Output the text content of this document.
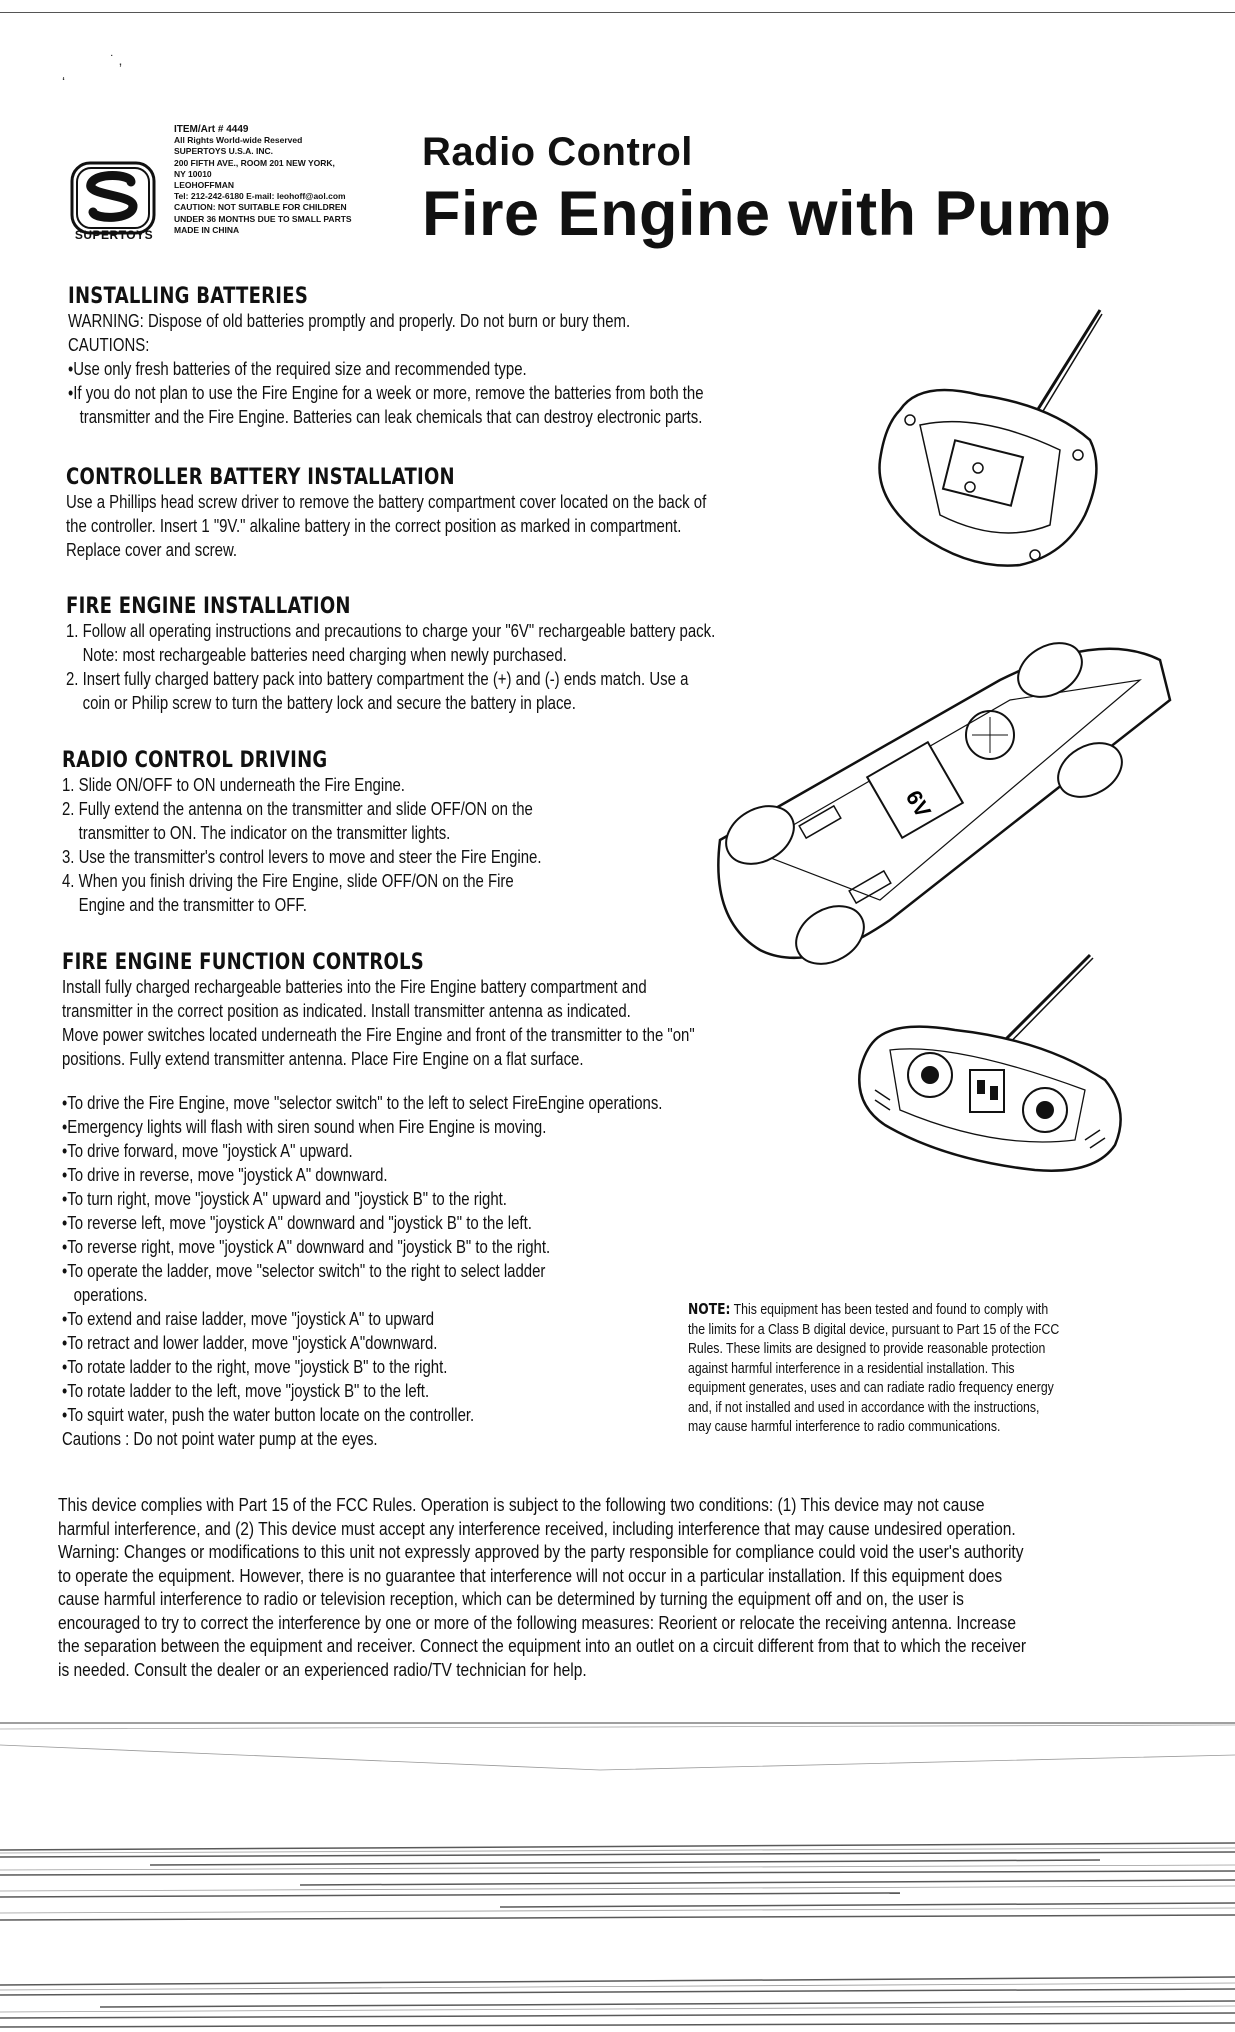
˙ ,
ʻ
SUPERTOYS
ITEM/Art # 4449
All Rights World-wide Reserved
SUPERTOYS U.S.A. INC.
200 FIFTH AVE., ROOM 201 NEW YORK,
NY 10010
LEOHOFFMAN
Tel: 212-242-6180 E-mail: leohoff@aol.com
CAUTION: NOT SUITABLE FOR CHILDREN
UNDER 36 MONTHS DUE TO SMALL PARTS
MADE IN CHINA
Radio Control
Fire Engine with Pump
INSTALLING BATTERIES

WARNING: Dispose of old batteries promptly and properly. Do not burn or bury them.

CAUTIONS:

• Use only fresh batteries of the required size and recommended type.
• If you do not plan to use the Fire Engine for a week or more, remove the batteries from both the

transmitter and the Fire Engine. Batteries can leak chemicals that can destroy electronic parts.

CONTROLLER BATTERY INSTALLATION

Use a Phillips head screw driver to remove the battery compartment cover located on the back of

the controller. Insert 1 "9V." alkaline battery in the correct position as marked in compartment.

Replace cover and screw.

FIRE ENGINE INSTALLATION

1. Follow all operating instructions and precautions to charge your "6V" rechargeable battery pack.

Note: most rechargeable batteries need charging when newly purchased.

2. Insert fully charged battery pack into battery compartment the (+) and (-) ends match. Use a

coin or Philip screw to turn the battery lock and secure the battery in place.

RADIO CONTROL DRIVING

1. Slide ON/OFF to ON underneath the Fire Engine.

2. Fully extend the antenna on the transmitter and slide OFF/ON on the

transmitter to ON. The indicator on the transmitter lights.

3. Use the transmitter's control levers to move and steer the Fire Engine.

4. When you finish driving the Fire Engine, slide OFF/ON on the Fire

Engine and the transmitter to OFF.

FIRE ENGINE FUNCTION CONTROLS

Install fully charged rechargeable batteries into the Fire Engine battery compartment and

transmitter in the correct position as indicated. Install transmitter antenna as indicated.

Move power switches located underneath the Fire Engine and front of the transmitter to the "on"

positions. Fully extend transmitter antenna. Place Fire Engine on a flat surface.

• To drive the Fire Engine, move "selector switch" to the left to select FireEngine operations.
• Emergency lights will flash with siren sound when Fire Engine is moving.
• To drive forward, move "joystick A" upward.
• To drive in reverse, move "joystick A" downward.
• To turn right, move "joystick A" upward and "joystick B" to the right.
• To reverse left, move "joystick A" downward and "joystick B" to the left.
• To reverse right, move "joystick A" downward and "joystick B" to the right.
• To operate the ladder, move "selector switch" to the right to select ladder

operations.

• To extend and raise ladder, move "joystick A" to upward
• To retract and lower ladder, move "joystick A"downward.
• To rotate ladder to the right, move "joystick B" to the right.
• To rotate ladder to the left, move "joystick B" to the left.
• To squirt water, push the water button locate on the controller.

Cautions : Do not point water pump at the eyes.

NOTE: This equipment has been tested and found to comply with
the limits for a Class B digital device, pursuant to Part 15 of the FCC
Rules. These limits are designed to provide reasonable protection
against harmful interference in a residential installation. This
equipment generates, uses and can radiate radio frequency energy
and, if not installed and used in accordance with the instructions,
may cause harmful interference to radio communications.

This device complies with Part 15 of the FCC Rules. Operation is subject to the following two conditions: (1) This device may not cause

harmful interference, and (2) This device must accept any interference received, including interference that may cause undesired operation.

Warning: Changes or modifications to this unit not expressly approved by the party responsible for compliance could void the user's authority

to operate the equipment. However, there is no guarantee that interference will not occur in a particular installation. If this equipment does

cause harmful interference to radio or television reception, which can be determined by turning the equipment off and on, the user is

encouraged to try to correct the interference by one or more of the following measures: Reorient or relocate the receiving antenna. Increase

the separation between the equipment and receiver. Connect the equipment into an outlet on a circuit different from that to which the receiver

is needed. Consult the dealer or an experienced radio/TV technician for help.

6V
